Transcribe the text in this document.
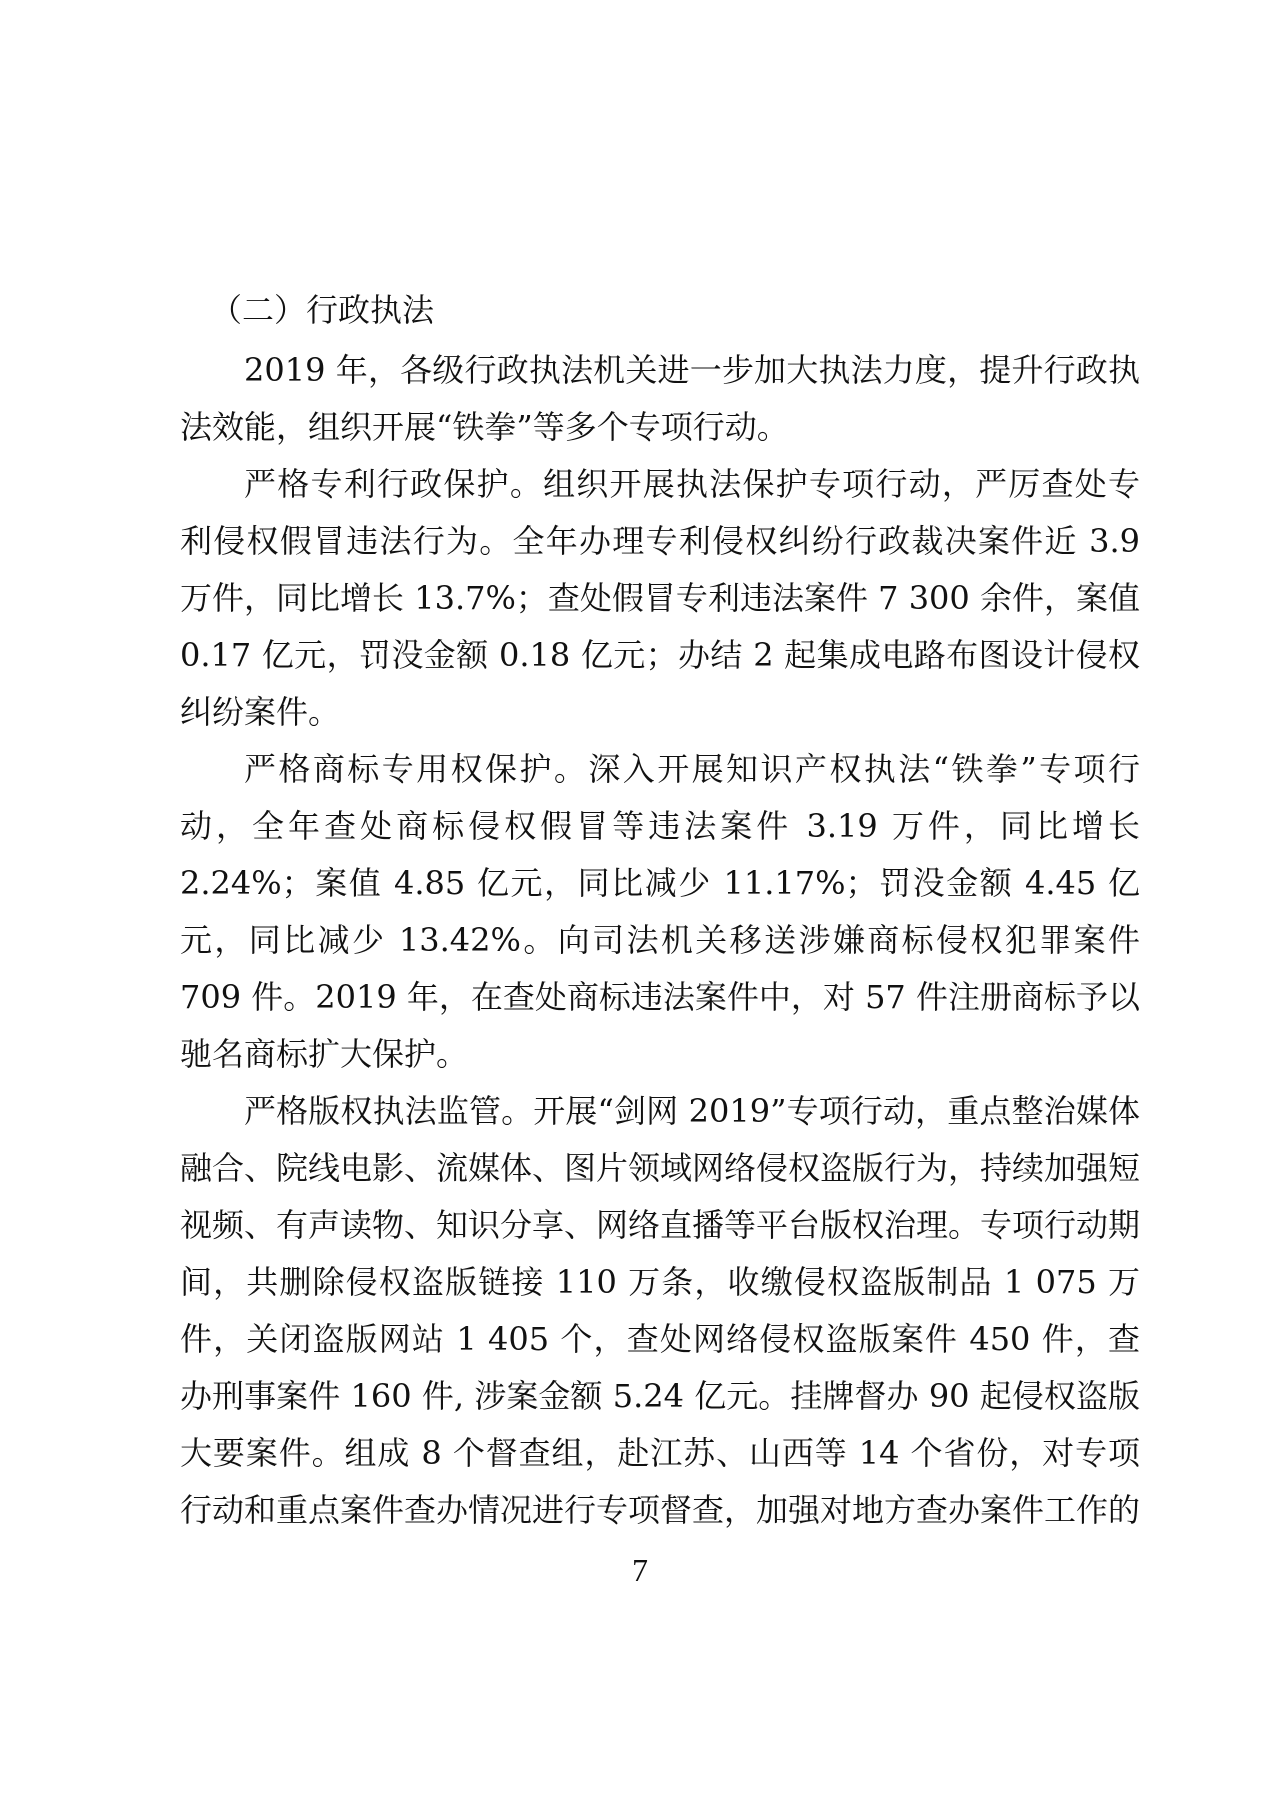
（二）行政执法

2019 年，各级行政执法机关进一步加大执法力度，提升行政执法效能，组织开展“铁拳”等多个专项行动。

严格专利行政保护。组织开展执法保护专项行动，严厉查处专利侵权假冒违法行为。全年办理专利侵权纠纷行政裁决案件近 3.9 万件，同比增长 13.7%；查处假冒专利违法案件 7 300 余件，案值 0.17 亿元，罚没金额 0.18 亿元；办结 2 起集成电路布图设计侵权纠纷案件。

严格商标专用权保护。深入开展知识产权执法“铁拳”专项行动，全年查处商标侵权假冒等违法案件 3.19 万件，同比增长 2.24%；案值 4.85 亿元，同比减少 11.17%；罚没金额 4.45 亿元，同比减少 13.42%。向司法机关移送涉嫌商标侵权犯罪案件 709 件。2019 年，在查处商标违法案件中，对 57 件注册商标予以驰名商标扩大保护。

严格版权执法监管。开展“剑网 2019”专项行动，重点整治媒体融合、院线电影、流媒体、图片领域网络侵权盗版行为，持续加强短视频、有声读物、知识分享、网络直播等平台版权治理。专项行动期间，共删除侵权盗版链接 110 万条，收缴侵权盗版制品 1 075 万件，关闭盗版网站 1 405 个，查处网络侵权盗版案件 450 件，查办刑事案件 160 件, 涉案金额 5.24 亿元。挂牌督办 90 起侵权盗版大要案件。组成 8 个督查组，赴江苏、山西等 14 个省份，对专项行动和重点案件查办情况进行专项督查，加强对地方查办案件工作的

7
